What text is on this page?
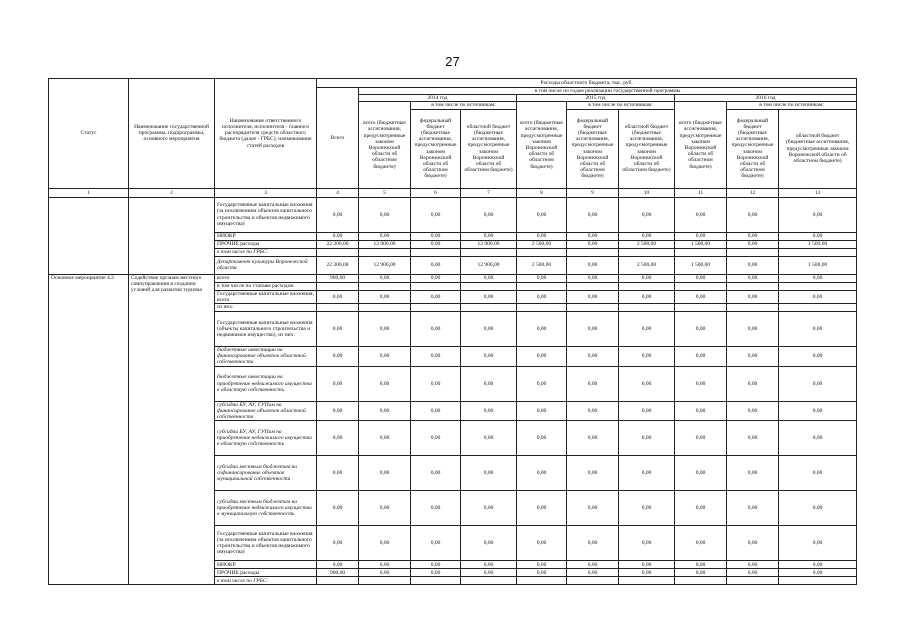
27
Статус	Наименование государственной программы, подпрограммы, основного мероприятия	Наименование ответственного исполнителя, исполнителя - главного распорядителя средств областного бюджета (далее - ГРБС), наименование статей расходов	Расходы областного бюджета, тыс. руб.									
			Всего	в том числе по годам реализации государственной программы								
				2014 год			2015 год			2016 год		
				всего (бюджетные ассигнования, предусмотренные законом Воронежской области об областном бюджете)	в том числе по источникам:		всего (бюджетные ассигнования, предусмотренные законом Воронежской области об областном бюджете)	в том числе по источникам:		всего (бюджетные ассигнования, предусмотренные законом Воронежской области об областном бюджете)	в том числе по источникам:	
					федеральный бюджет (бюджетные ассигнования, предусмотренные законом Воронежской области об областном бюджете)	областной бюджет (бюджетные ассигнования, предусмотренные законом Воронежской области об областном бюджете)		федеральный бюджет (бюджетные ассигнования, предусмотренные законом Воронежской области об областном бюджете)	областной бюджет (бюджетные ассигнования, предусмотренные законом Воронежской области об областном бюджете)		федеральный бюджет (бюджетные ассигнования, предусмотренные законом Воронежской области об областном бюджете)	областной бюджет (бюджетные ассигнования, предусмотренные законом Воронежской области об областном бюджете)
1	2	3	4	5	6	7	8	9	10	11	12	13
		Государственные капитальные вложения (за исключением объектов капитального строительства и объектов недвижимого имущества)	0,00	0,00	0,00	0,00	0,00	0,00	0,00	0,00	0,00	0,00
		НИОКР	0,00	0,00	0,00	0,00	0,00	0,00	0,00	0,00	0,00	0,00
		ПРОЧИЕ расходы	22 300,00	12 900,00	0,00	12 900,00	2 500,00	0,00	2 500,00	1 500,00	0,00	1 500,00
		в том числе по ГРБС:										
		Департамент культуры Воронежской области	22 300,00	12 900,00	0,00	12 900,00	2 500,00	0,00	2 500,00	1 500,00	0,00	1 500,00
Основное мероприятие 4.2	Содействие органам местного самоуправления в создании условий для развития туризма	всего	900,00	0,00	0,00	0,00	0,00	0,00	0,00	0,00	0,00	0,00
		в том числе по статьям расходов:										
		Государственные капитальные вложения, всего	0,00	0,00	0,00	0,00	0,00	0,00	0,00	0,00	0,00	0,00
		из них:										
		Государственные капитальные вложения (объекты капитального строительства и недвижимое имущество), из них:	0,00	0,00	0,00	0,00	0,00	0,00	0,00	0,00	0,00	0,00
		бюджетные инвестиции на финансирование объектов областной собственности	0,00	0,00	0,00	0,00	0,00	0,00	0,00	0,00	0,00	0,00
		бюджетные инвестиции на приобретение недвижимого имущества в областную собственность	0,00	0,00	0,00	0,00	0,00	0,00	0,00	0,00	0,00	0,00
		субсидии БУ, АУ, ГУПам на финансирование объектов областной собственности	0,00	0,00	0,00	0,00	0,00	0,00	0,00	0,00	0,00	0,00
		субсидии БУ, АУ, ГУПам на приобретение недвижимого имущества в областную собственность	0,00	0,00	0,00	0,00	0,00	0,00	0,00	0,00	0,00	0,00
		субсидии местным бюджетам на софинансирование объектов муниципальной собственности	0,00	0,00	0,00	0,00	0,00	0,00	0,00	0,00	0,00	0,00
		субсидии местным бюджетам на приобретение недвижимого имущества в муниципальную собственность	0,00	0,00	0,00	0,00	0,00	0,00	0,00	0,00	0,00	0,00
		Государственные капитальные вложения (за исключением объектов капитального строительства и объектов недвижимого имущества)	0,00	0,00	0,00	0,00	0,00	0,00	0,00	0,00	0,00	0,00
		НИОКР	0,00	0,00	0,00	0,00	0,00	0,00	0,00	0,00	0,00	0,00
		ПРОЧИЕ расходы	900,00	0,00	0,00	0,00	0,00	0,00	0,00	0,00	0,00	0,00
		в том числе по ГРБС:										
